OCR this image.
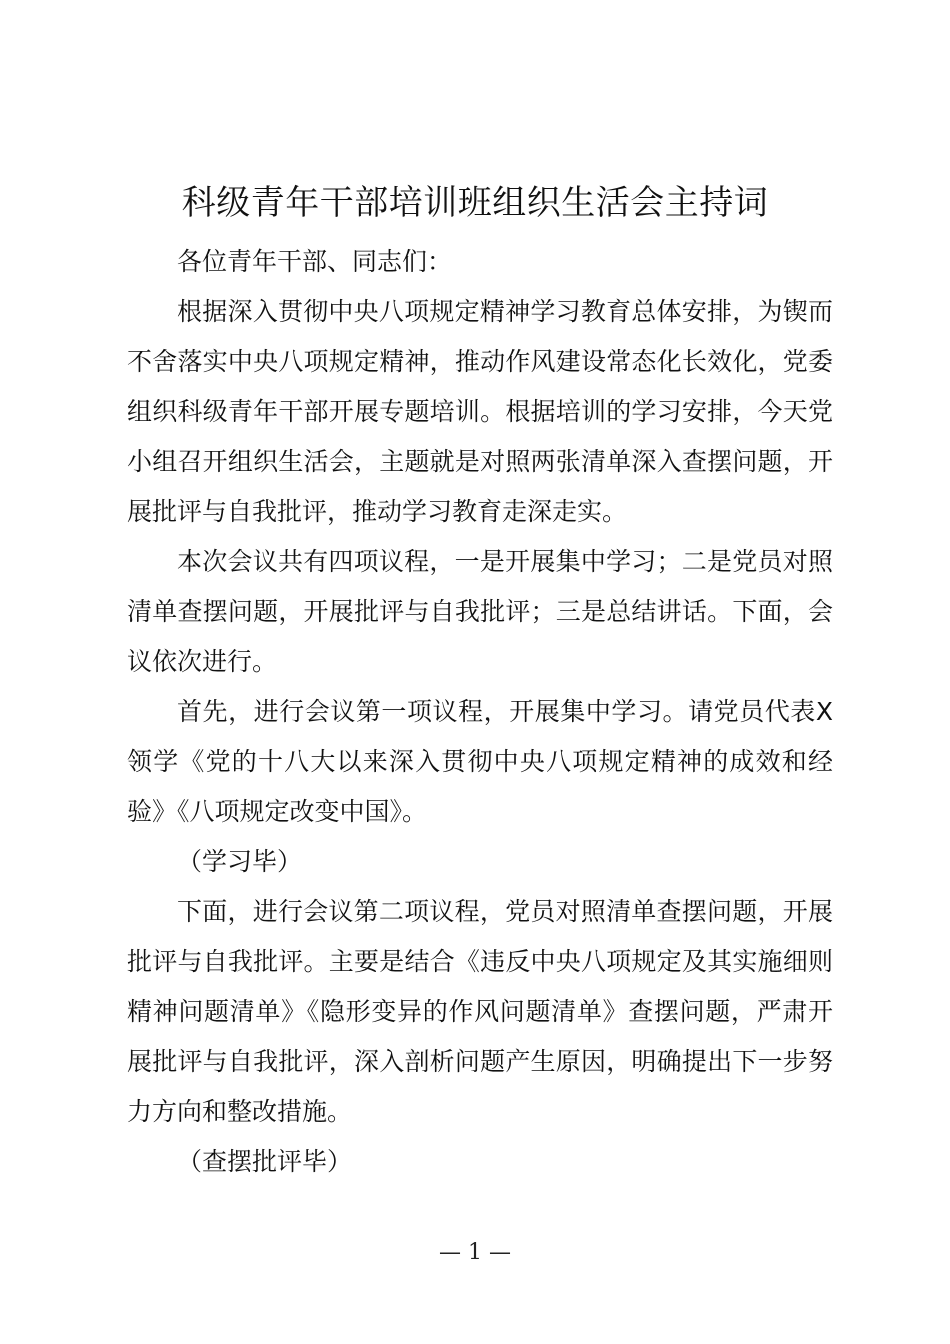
科级青年干部培训班组织生活会主持词

各位青年干部、同志们：

根据深入贯彻中央八项规定精神学习教育总体安排，为锲而不舍落实中央八项规定精神，推动作风建设常态化长效化，党委组织科级青年干部开展专题培训。根据培训的学习安排，今天党小组召开组织生活会，主题就是对照两张清单深入查摆问题，开展批评与自我批评，推动学习教育走深走实。

本次会议共有四项议程，一是开展集中学习；二是党员对照清单查摆问题，开展批评与自我批评；三是总结讲话。下面，会议依次进行。

首先，进行会议第一项议程，开展集中学习。请党员代表X领学《党的十八大以来深入贯彻中央八项规定精神的成效和经验》《八项规定改变中国》。

（学习毕）

下面，进行会议第二项议程，党员对照清单查摆问题，开展批评与自我批评。主要是结合《违反中央八项规定及其实施细则精神问题清单》《隐形变异的作风问题清单》查摆问题，严肃开展批评与自我批评，深入剖析问题产生原因，明确提出下一步努力方向和整改措施。

（查摆批评毕）

— 1 —
